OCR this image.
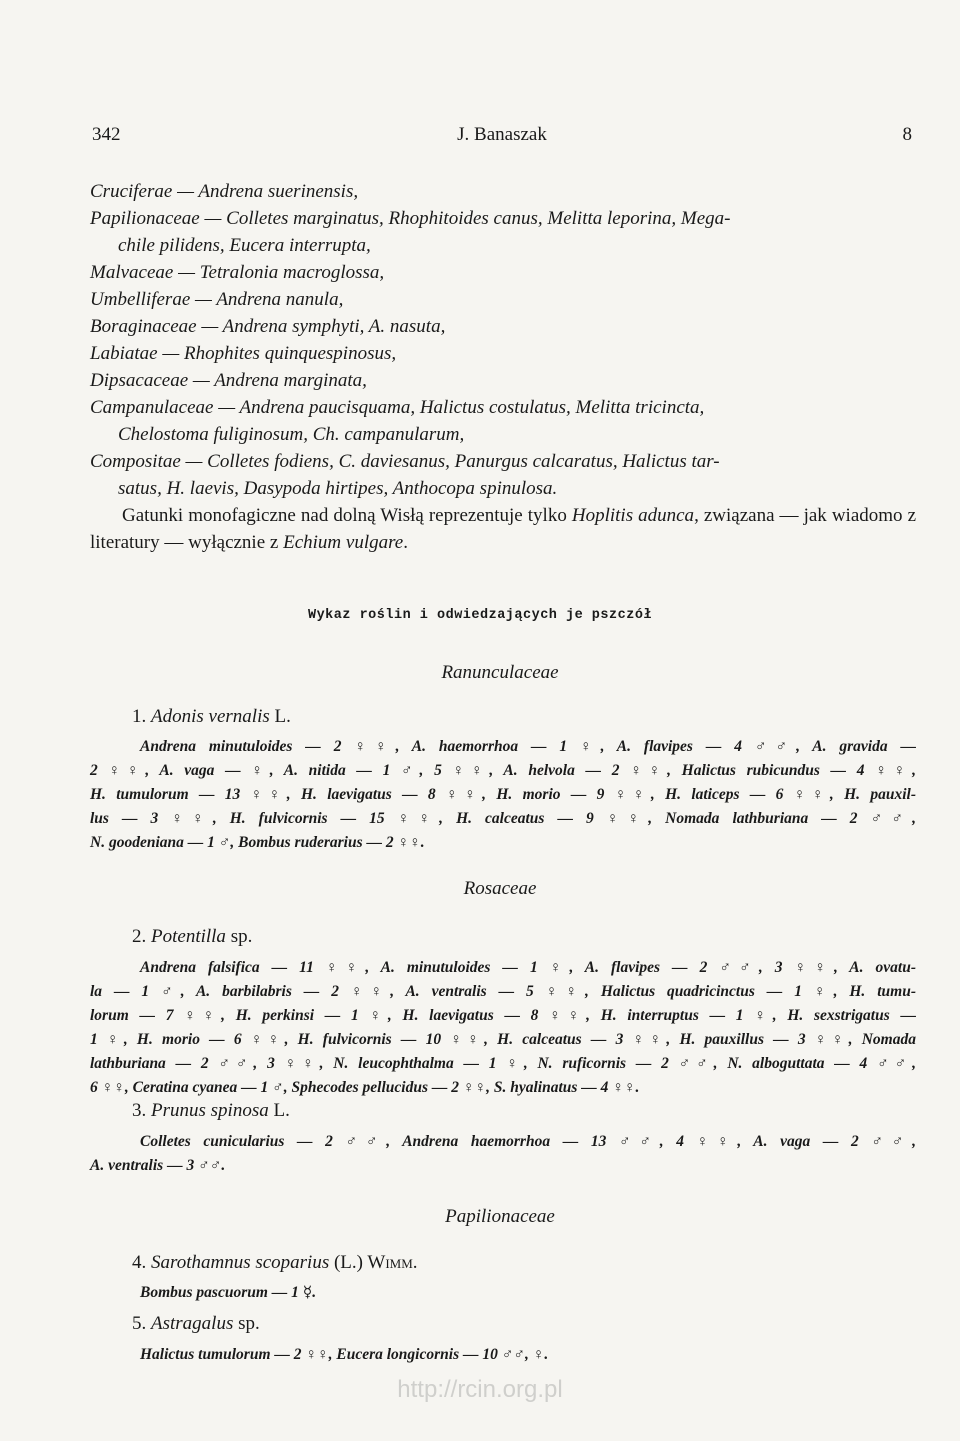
342	J. Banaszak	8
Cruciferae — Andrena suerinensis,
Papilionaceae — Colletes marginatus, Rhophitoides canus, Melitta leporina, Mega-
chile pilidens, Eucera interrupta,
Malvaceae — Tetralonia macroglossa,
Umbelliferae — Andrena nanula,
Boraginaceae — Andrena symphyti, A. nasuta,
Labiatae — Rhophites quinquespinosus,
Dipsacaceae — Andrena marginata,
Campanulaceae — Andrena paucisquama, Halictus costulatus, Melitta tricincta,
Chelostoma fuliginosum, Ch. campanularum,
Compositae — Colletes fodiens, C. daviesanus, Panurgus calcaratus, Halictus tar-
satus, H. laevis, Dasypoda hirtipes, Anthocopa spinulosa.
Gatunki monofagiczne nad dolną Wisłą reprezentuje tylko Hoplitis adunca, związana — jak wiadomo z literatury — wyłącznie z Echium vulgare.
Wykaz roślin i odwiedzających je pszczół
Ranunculaceae
1. Adonis vernalis L.
Andrena minutuloides — 2 ♀♀, A. haemorrhoa — 1 ♀, A. flavipes — 4 ♂♂, A. gravida —
2 ♀♀, A. vaga — ♀, A. nitida — 1 ♂, 5 ♀♀, A. helvola — 2 ♀♀, Halictus rubicundus — 4 ♀♀,
H. tumulorum — 13 ♀♀, H. laevigatus — 8 ♀♀, H. morio — 9 ♀♀, H. laticeps — 6 ♀♀, H. pauxil-
lus — 3 ♀♀, H. fulvicornis — 15 ♀♀, H. calceatus — 9 ♀♀, Nomada lathburiana — 2 ♂♂,
N. goodeniana — 1 ♂, Bombus ruderarius — 2 ♀♀.
Rosaceae
2. Potentilla sp.
Andrena falsifica — 11 ♀♀, A. minutuloides — 1 ♀, A. flavipes — 2 ♂♂, 3 ♀♀, A. ovatu-
la — 1 ♂, A. barbilabris — 2 ♀♀, A. ventralis — 5 ♀♀, Halictus quadricinctus — 1 ♀, H. tumu-
lorum — 7 ♀♀, H. perkinsi — 1 ♀, H. laevigatus — 8 ♀♀, H. interruptus — 1 ♀, H. sexstrigatus —
1 ♀, H. morio — 6 ♀♀, H. fulvicornis — 10 ♀♀, H. calceatus — 3 ♀♀, H. pauxillus — 3 ♀♀, Nomada
lathburiana — 2 ♂♂, 3 ♀♀, N. leucophthalma — 1 ♀, N. ruficornis — 2 ♂♂, N. alboguttata — 4 ♂♂,
6 ♀♀, Ceratina cyanea — 1 ♂, Sphecodes pellucidus — 2 ♀♀, S. hyalinatus — 4 ♀♀.
3. Prunus spinosa L.
Colletes cunicularius — 2 ♂♂, Andrena haemorrhoa — 13 ♂♂, 4 ♀♀, A. vaga — 2 ♂♂,
A. ventralis — 3 ♂♂.
Papilionaceae
4. Sarothamnus scoparius (L.) Wimm.
Bombus pascuorum — 1 ☿.
5. Astragalus sp.
Halictus tumulorum — 2 ♀♀, Eucera longicornis — 10 ♂♂, ♀.
http://rcin.org.pl
